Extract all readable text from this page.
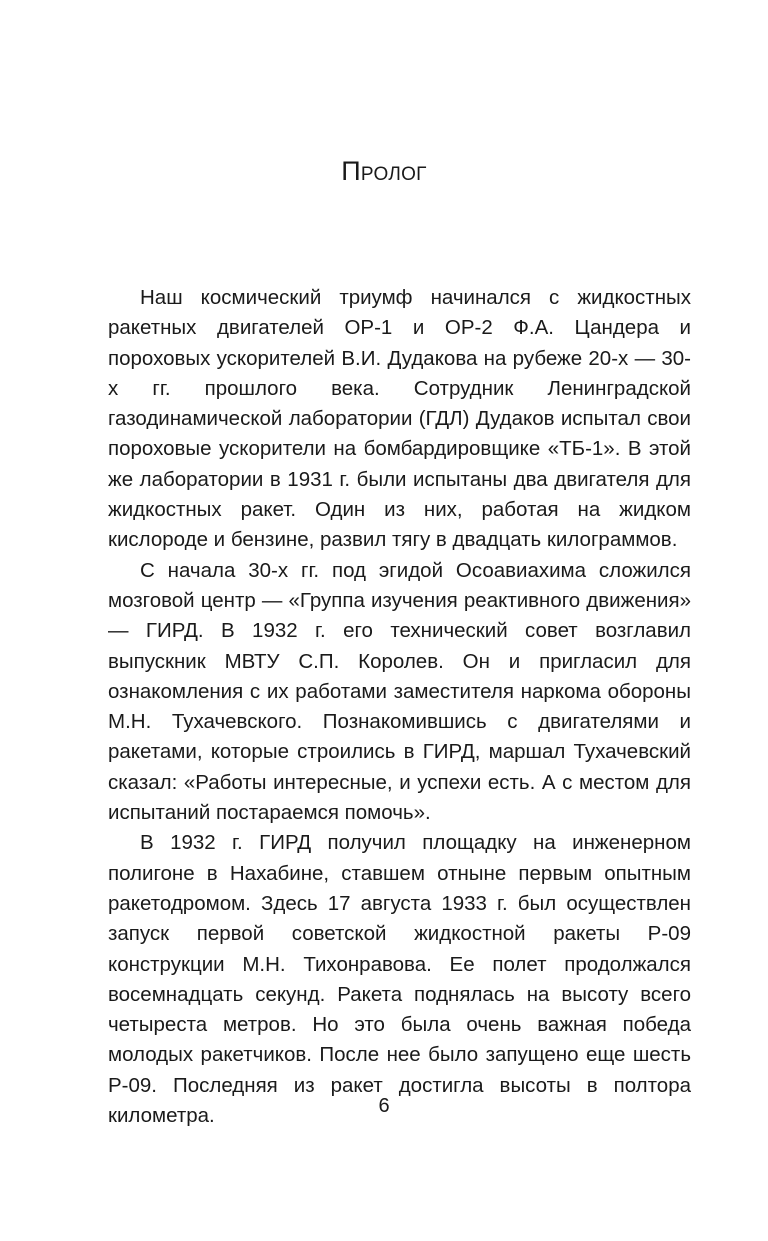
Пролог

Наш космический триумф начинался с жидкостных ракетных двигателей ОР-1 и ОР-2 Ф.А. Цандера и пороховых ускорителей В.И. Дудакова на рубеже 20-х — 30-х гг. прошлого века. Сотрудник Ленинградской газодинамической лаборатории (ГДЛ) Дудаков испытал свои пороховые ускорители на бомбардировщике «ТБ-1». В этой же лаборатории в 1931 г. были испытаны два двигателя для жидкостных ракет. Один из них, работая на жидком кислороде и бензине, развил тягу в двадцать килограммов.

С начала 30-х гг. под эгидой Осоавиахима сложился мозговой центр — «Группа изучения реактивного движения» — ГИРД. В 1932 г. его технический совет возглавил выпускник МВТУ С.П. Королев. Он и пригласил для ознакомления с их работами заместителя наркома обороны М.Н. Тухачевского. Познакомившись с двигателями и ракетами, которые строились в ГИРД, маршал Тухачевский сказал: «Работы интересные, и успехи есть. А с местом для испытаний постараемся помочь».

В 1932 г. ГИРД получил площадку на инженерном полигоне в Нахабине, ставшем отныне первым опытным ракетодромом. Здесь 17 августа 1933 г. был осуществлен запуск первой советской жидкостной ракеты Р-09 конструкции М.Н. Тихонравова. Ее полет продолжался восемнадцать секунд. Ракета поднялась на высоту всего четыреста метров. Но это была очень важная победа молодых ракетчиков. После нее было запущено еще шесть Р-09. Последняя из ракет достигла высоты в полтора километра.	6
